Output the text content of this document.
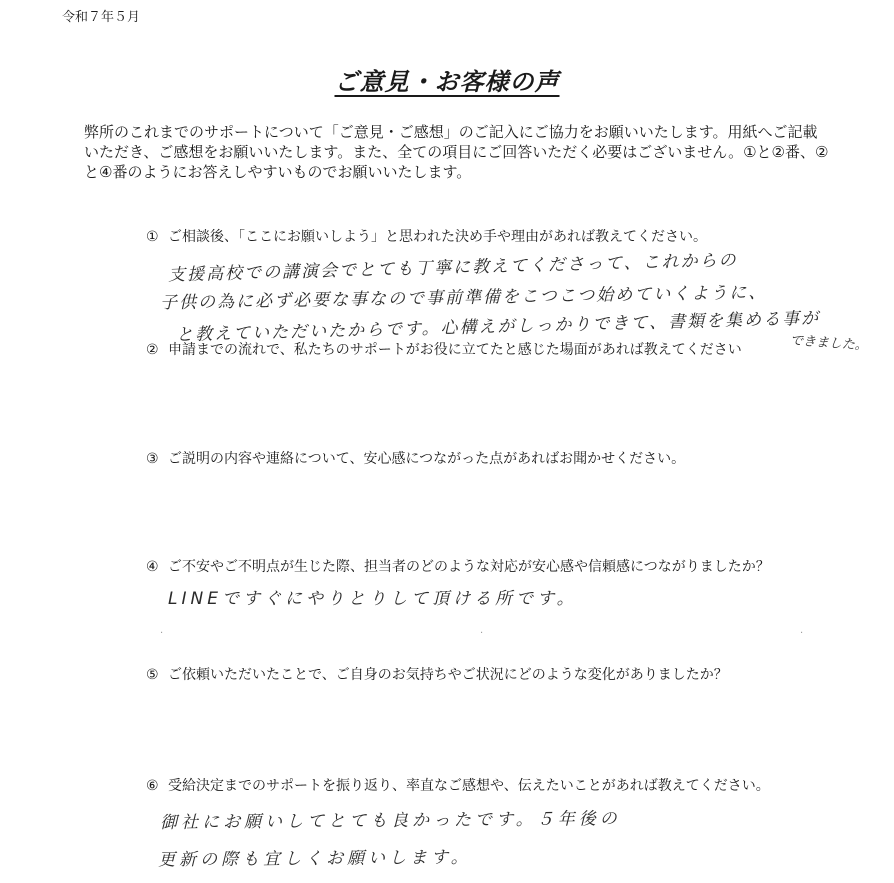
令和７年５月
ご意見・お客様の声
弊所のこれまでのサポートについて「ご意見・ご感想」のご記入にご協力をお願いいたします。用紙へご記載いただき、ご感想をお願いいたします。また、全ての項目にご回答いただく必要はございません。①と②番、②と④番のようにお答えしやすいものでお願いいたします。
① ご相談後、「ここにお願いしよう」と思われた決め手や理由があれば教えてください。
支援高校での講演会でとても丁寧に教えてくださって、これからの
子供の為に必ず必要な事なので事前準備をこつこつ始めていくように、
と教えていただいたからです。心構えがしっかりできて、書類を集める事が
② 申請までの流れで、私たちのサポートがお役に立てたと感じた場面があれば教えてください	できました。
③ ご説明の内容や連絡について、安心感につながった点があればお聞かせください。
④ ご不安やご不明点が生じた際、担当者のどのような対応が安心感や信頼感につながりましたか？
LINEですぐにやりとりして頂ける所です。
·	·	·
⑤ ご依頼いただいたことで、ご自身のお気持ちやご状況にどのような変化がありましたか？
⑥ 受給決定までのサポートを振り返り、率直なご感想や、伝えたいことがあれば教えてください。
御社にお願いしてとても良かったです。５年後の
更新の際も宜しくお願いします。
